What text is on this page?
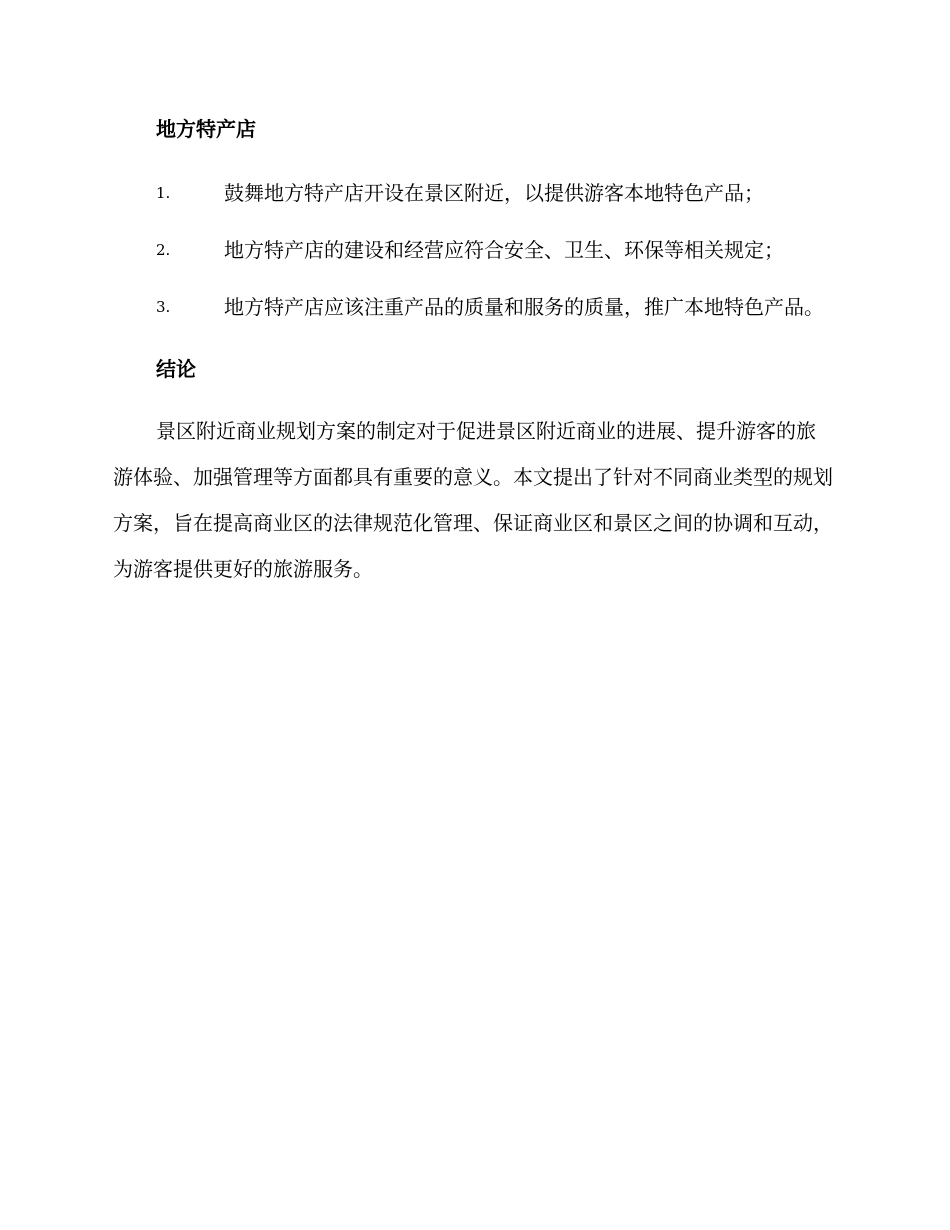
地方特产店
1.	鼓舞地方特产店开设在景区附近，以提供游客本地特色产品；
2.	地方特产店的建设和经营应符合安全、卫生、环保等相关规定；
3.	地方特产店应该注重产品的质量和服务的质量，推广本地特色产品。
结论

景区附近商业规划方案的制定对于促进景区附近商业的进展、提升游客的旅游体验、加强管理等方面都具有重要的意义。本文提出了针对不同商业类型的规划方案，旨在提高商业区的法律规范化管理、保证商业区和景区之间的协调和互动，为游客提供更好的旅游服务。
